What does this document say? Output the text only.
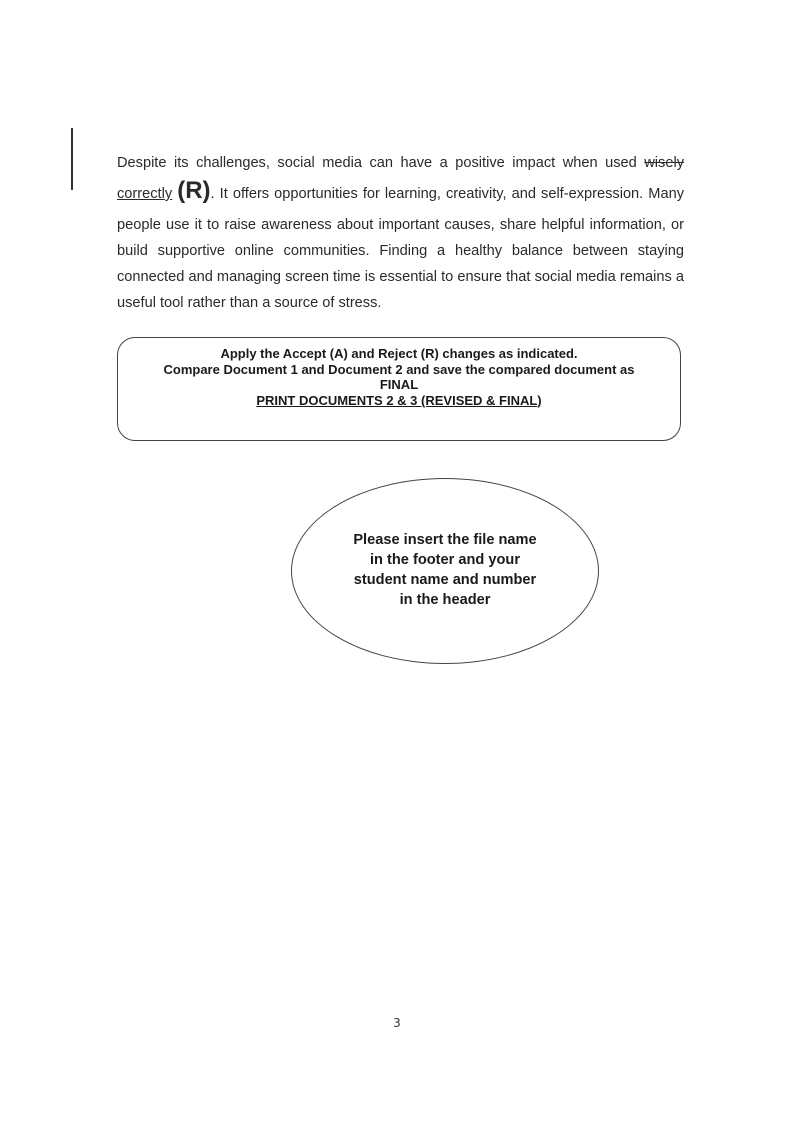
Despite its challenges, social media can have a positive impact when used wisely correctly (R). It offers opportunities for learning, creativity, and self-expression. Many people use it to raise awareness about important causes, share helpful information, or build supportive online communities. Finding a healthy balance between staying connected and managing screen time is essential to ensure that social media remains a useful tool rather than a source of stress.
Apply the Accept (A) and Reject (R) changes as indicated.
Compare Document 1 and Document 2 and save the compared document as FINAL
PRINT DOCUMENTS 2 & 3 (REVISED & FINAL)
Please insert the file name
in the footer and your
student name and number
in the header
3
